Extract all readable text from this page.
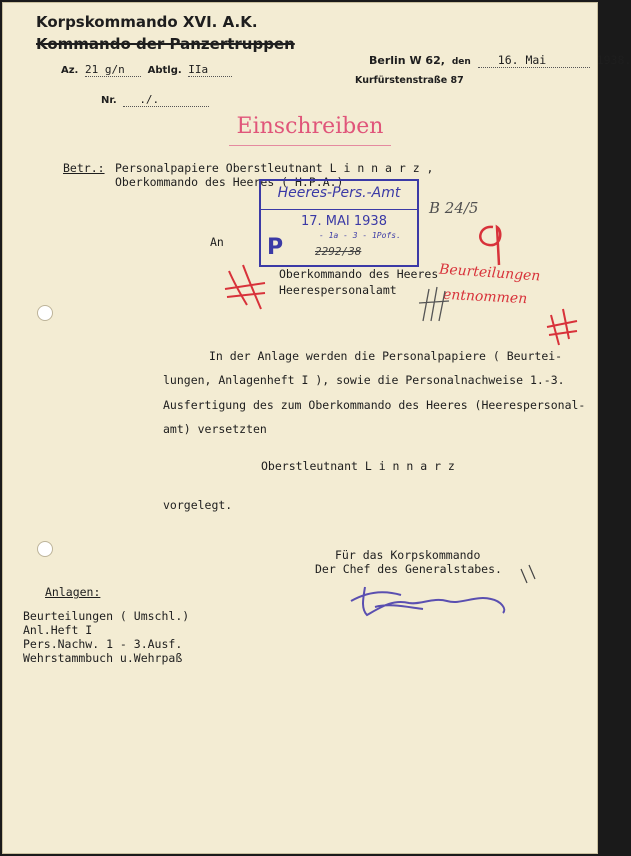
Korpskommando XVI. A.K.
Kommando der Panzertruppen
Az. 21 g/n Abtlg. IIa
Nr. ./.
Berlin W 62, den 16. Mai	1938.
Kurfürstenstraße 87
Einschreiben
Betr.: Personalpapiere Oberstleutnant L i n n a r z ,
Oberkommando des Heeres ( H.P.A.)
Heeres-Pers.-Amt
17. MAI 1938
- 1a - 3 - 1Pofs.
P	2292/38
B 24/5
An
Oberkommando des Heeres
Heerespersonalamt
Beurteilungen
entnommen
In der Anlage werden die Personalpapiere ( Beurtei-
lungen, Anlagenheft I ), sowie die Personalnachweise 1.-3.
Ausfertigung des zum Oberkommando des Heeres (Heerespersonal-
amt) versetzten
Oberstleutnant L i n n a r z
vorgelegt.
Für das Korpskommando
Der Chef des Generalstabes.
Anlagen:
Beurteilungen ( Umschl.)
Anl.Heft I
Pers.Nachw. 1 - 3.Ausf.
Wehrstammbuch u.Wehrpaß
